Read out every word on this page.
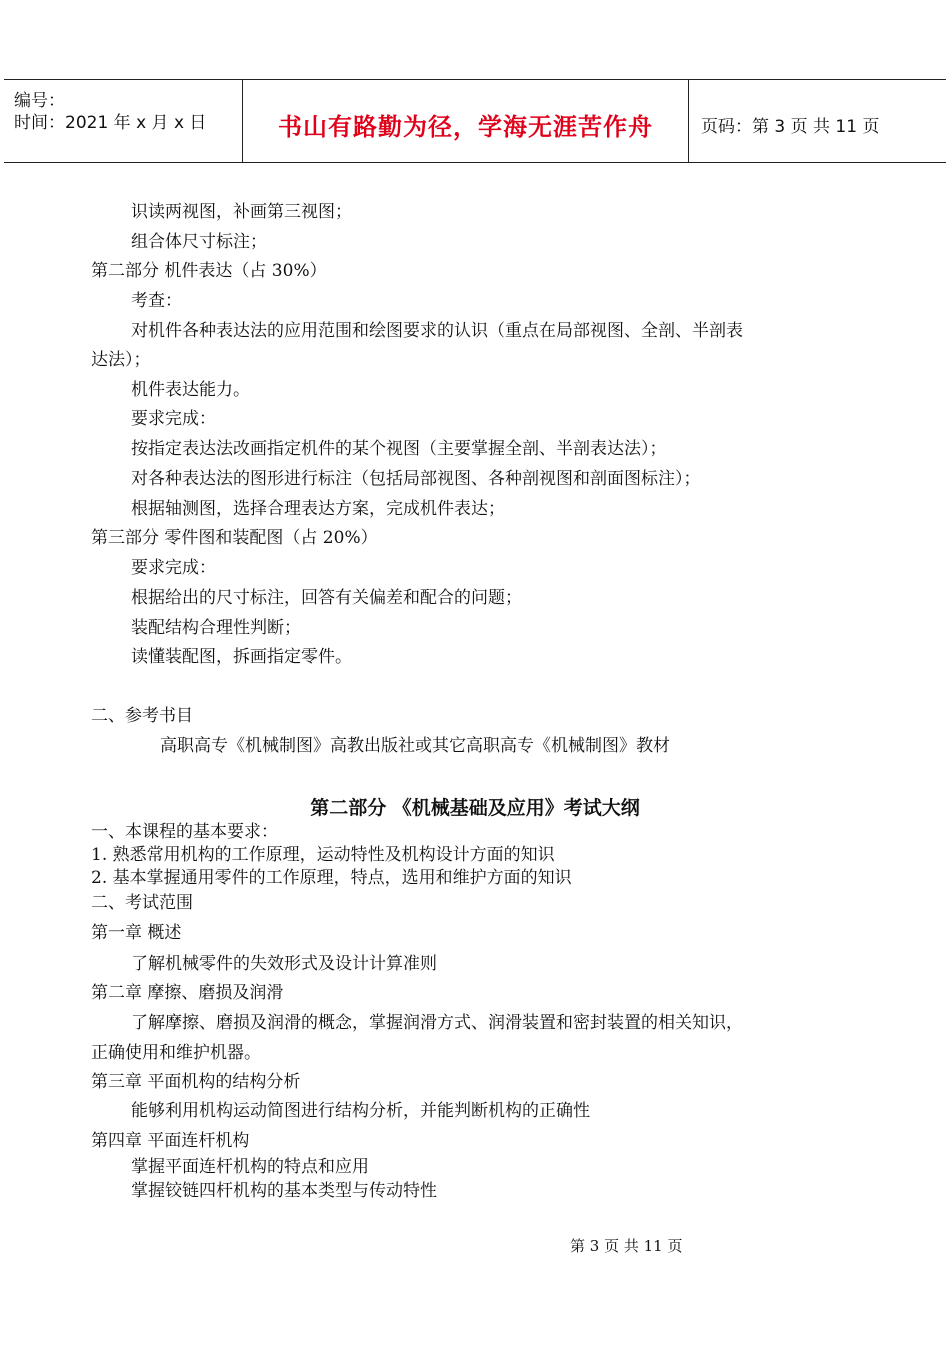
编号：
时间：2021 年 x 月 x 日	书山有路勤为径，学海无涯苦作舟	页码：第 3 页 共 11 页
识读两视图，补画第三视图；
组合体尺寸标注；
第二部分 机件表达（占 30%）
考查：
对机件各种表达法的应用范围和绘图要求的认识（重点在局部视图、全剖、半剖表
达法）；
机件表达能力。
要求完成：
按指定表达法改画指定机件的某个视图（主要掌握全剖、半剖表达法）；
对各种表达法的图形进行标注（包括局部视图、各种剖视图和剖面图标注）；
根据轴测图，选择合理表达方案，完成机件表达；
第三部分 零件图和装配图（占 20%）
要求完成：
根据给出的尺寸标注，回答有关偏差和配合的问题；
装配结构合理性判断；
读懂装配图，拆画指定零件。
二、参考书目
高职高专《机械制图》高教出版社或其它高职高专《机械制图》教材
第二部分 《机械基础及应用》考试大纲
一、本课程的基本要求：
1. 熟悉常用机构的工作原理，运动特性及机构设计方面的知识
2. 基本掌握通用零件的工作原理，特点，选用和维护方面的知识
二、考试范围
第一章 概述
了解机械零件的失效形式及设计计算准则
第二章 摩擦、磨损及润滑
了解摩擦、磨损及润滑的概念，掌握润滑方式、润滑装置和密封装置的相关知识，
正确使用和维护机器。
第三章 平面机构的结构分析
能够利用机构运动简图进行结构分析，并能判断机构的正确性
第四章 平面连杆机构
掌握平面连杆机构的特点和应用
掌握铰链四杆机构的基本类型与传动特性
第 3 页 共 11 页
